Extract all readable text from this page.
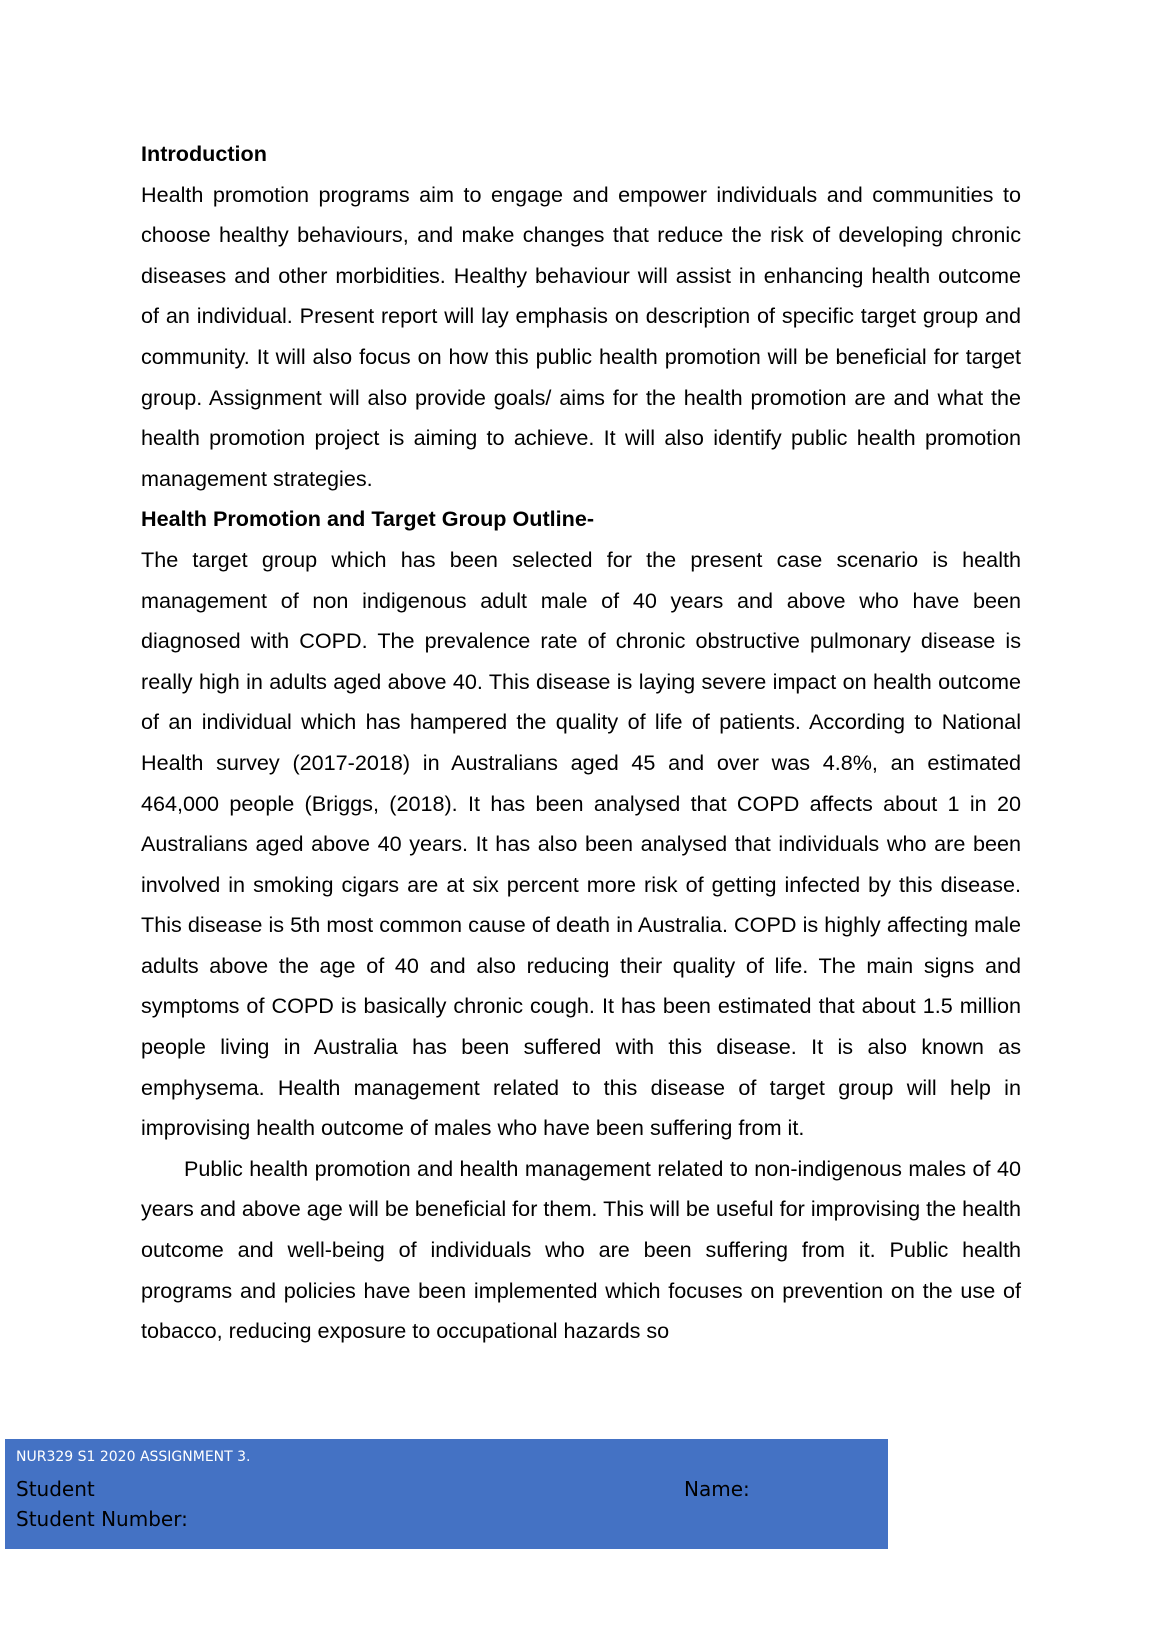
Introduction

Health promotion programs aim to engage and empower individuals and communities to choose healthy behaviours, and make changes that reduce the risk of developing chronic diseases and other morbidities. Healthy behaviour will assist in enhancing health outcome of an individual. Present report will lay emphasis on description of specific target group and community. It will also focus on how this public health promotion will be beneficial for target group. Assignment will also provide goals/ aims for the health promotion are and what the health promotion project is aiming to achieve. It will also identify public health promotion management strategies.

Health Promotion and Target Group Outline-

The target group which has been selected for the present case scenario is health management of non indigenous adult male of 40 years and above who have been diagnosed with COPD. The prevalence rate of chronic obstructive pulmonary disease is really high in adults aged above 40. This disease is laying severe impact on health outcome of an individual which has hampered the quality of life of patients. According to National Health survey (2017-2018) in Australians aged 45 and over was 4.8%, an estimated 464,000 people (Briggs, (2018). It has been analysed that COPD affects about 1 in 20 Australians aged above 40 years. It has also been analysed that individuals who are been involved in smoking cigars are at six percent more risk of getting infected by this disease. This disease is 5th most common cause of death in Australia. COPD is highly affecting male adults above the age of 40 and also reducing their quality of life. The main signs and symptoms of COPD is basically chronic cough. It has been estimated that about 1.5 million people living in Australia has been suffered with this disease. It is also known as emphysema. Health management related to this disease of target group will help in improvising health outcome of males who have been suffering from it.

Public health promotion and health management related to non-indigenous males of 40 years and above age will be beneficial for them. This will be useful for improvising the health outcome and well-being of individuals who are been suffering from it. Public health programs and policies have been implemented which focuses on prevention on the use of tobacco, reducing exposure to occupational hazards so

NUR329 S1 2020 ASSIGNMENT 3.
Student	Name:
Student Number:
